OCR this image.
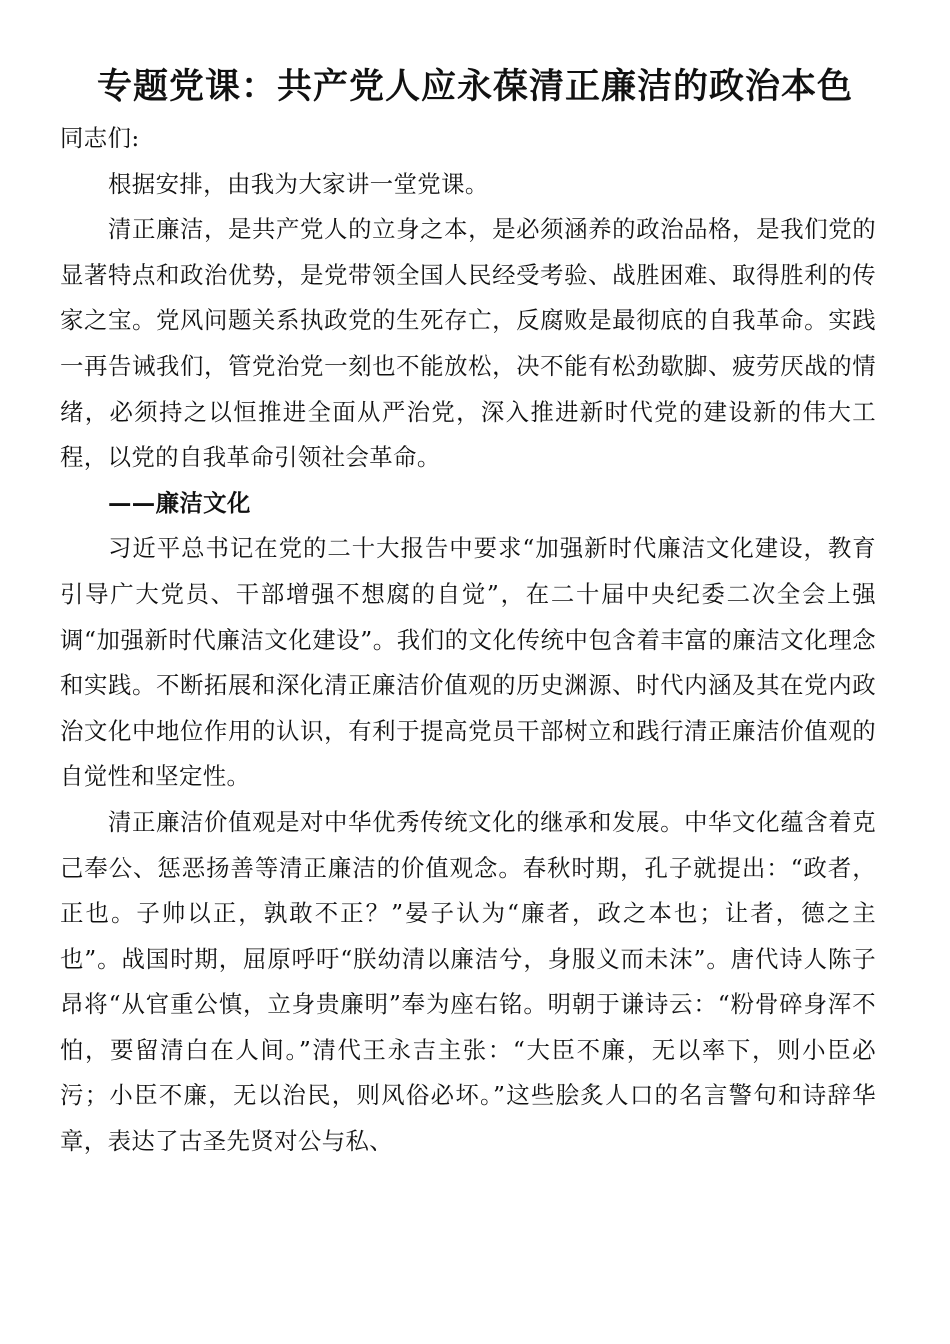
专题党课：共产党人应永葆清正廉洁的政治本色

同志们:

根据安排，由我为大家讲一堂党课。

清正廉洁，是共产党人的立身之本，是必须涵养的政治品格，是我们党的显著特点和政治优势，是党带领全国人民经受考验、战胜困难、取得胜利的传家之宝。党风问题关系执政党的生死存亡，反腐败是最彻底的自我革命。实践一再告诫我们，管党治党一刻也不能放松，决不能有松劲歇脚、疲劳厌战的情绪，必须持之以恒推进全面从严治党，深入推进新时代党的建设新的伟大工程，以党的自我革命引领社会革命。

——廉洁文化

习近平总书记在党的二十大报告中要求“加强新时代廉洁文化建设，教育引导广大党员、干部增强不想腐的自觉”，在二十届中央纪委二次全会上强调“加强新时代廉洁文化建设”。我们的文化传统中包含着丰富的廉洁文化理念和实践。不断拓展和深化清正廉洁价值观的历史渊源、时代内涵及其在党内政治文化中地位作用的认识，有利于提高党员干部树立和践行清正廉洁价值观的自觉性和坚定性。

清正廉洁价值观是对中华优秀传统文化的继承和发展。中华文化蕴含着克己奉公、惩恶扬善等清正廉洁的价值观念。春秋时期，孔子就提出：“政者，正也。子帅以正，孰敢不正？”晏子认为“廉者，政之本也；让者，德之主也”。战国时期，屈原呼吁“朕幼清以廉洁兮，身服义而未沫”。唐代诗人陈子昂将“从官重公慎，立身贵廉明”奉为座右铭。明朝于谦诗云：“粉骨碎身浑不怕，要留清白在人间。”清代王永吉主张：“大臣不廉，无以率下，则小臣必污；小臣不廉，无以治民，则风俗必坏。”这些脍炙人口的名言警句和诗辞华章，表达了古圣先贤对公与私、
